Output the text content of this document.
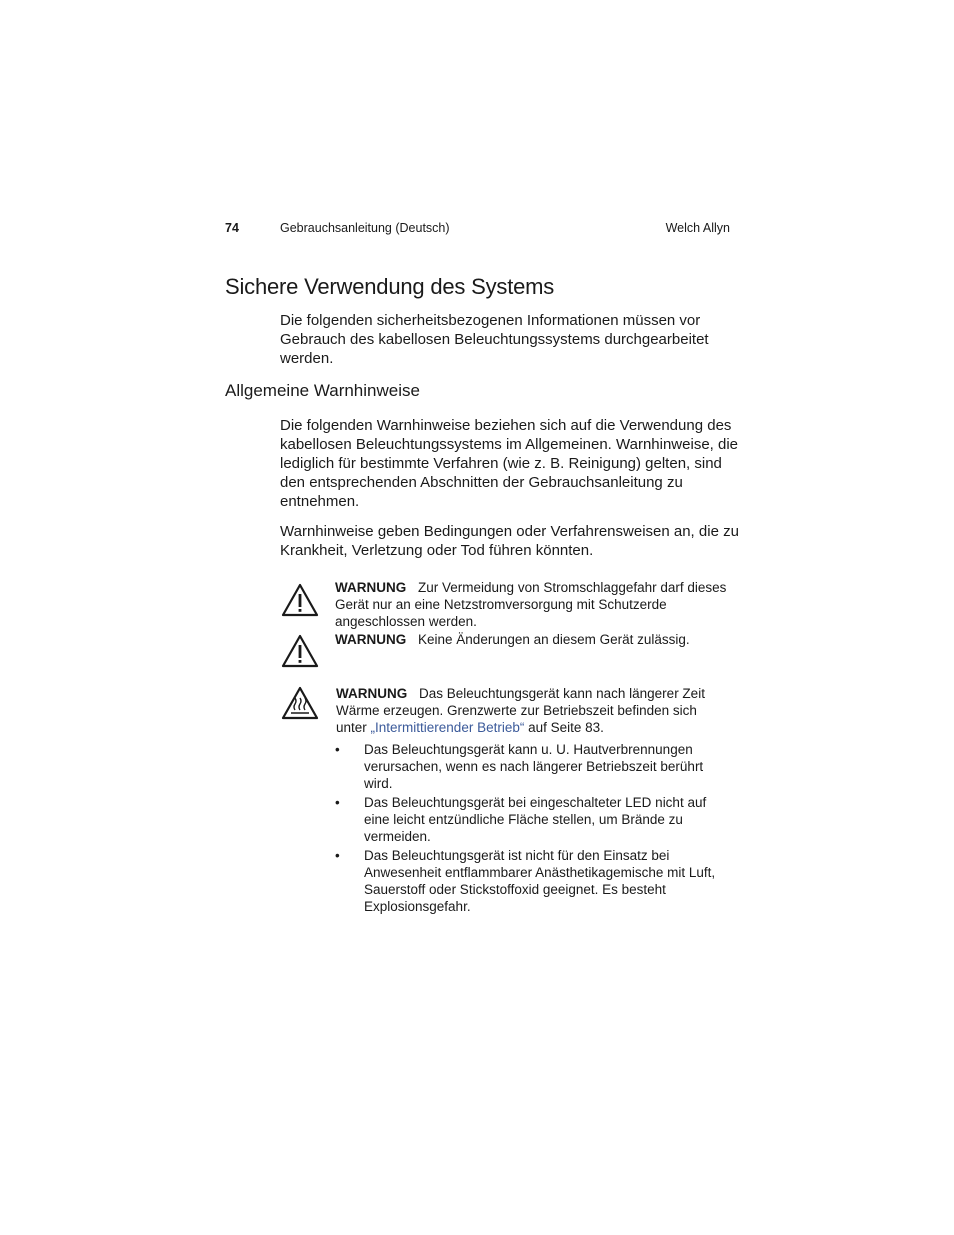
74	Gebrauchsanleitung (Deutsch)	Welch Allyn
Sichere Verwendung des Systems

Die folgenden sicherheitsbezogenen Informationen müssen vor Gebrauch des kabellosen Beleuchtungssystems durchgearbeitet werden.

Allgemeine Warnhinweise

Die folgenden Warnhinweise beziehen sich auf die Verwendung des kabellosen Beleuchtungssystems im Allgemeinen. Warnhinweise, die lediglich für bestimmte Verfahren (wie z. B. Reinigung) gelten, sind den entsprechenden Abschnitten der Gebrauchsanleitung zu entnehmen.

Warnhinweise geben Bedingungen oder Verfahrensweisen an, die zu Krankheit, Verletzung oder Tod führen könnten.

WARNUNG Zur Vermeidung von Stromschlaggefahr darf dieses Gerät nur an eine Netzstromversorgung mit Schutzerde angeschlossen werden.

WARNUNG Keine Änderungen an diesem Gerät zulässig.

WARNUNG Das Beleuchtungsgerät kann nach längerer Zeit Wärme erzeugen. Grenzwerte zur Betriebszeit befinden sich unter „Intermittierender Betrieb“ auf Seite 83.

• Das Beleuchtungsgerät kann u. U. Hautverbrennungen verursachen, wenn es nach längerer Betriebszeit berührt wird.
• Das Beleuchtungsgerät bei eingeschalteter LED nicht auf eine leicht entzündliche Fläche stellen, um Brände zu vermeiden.
• Das Beleuchtungsgerät ist nicht für den Einsatz bei Anwesenheit entflammbarer Anästhetikagemische mit Luft, Sauerstoff oder Stickstoffoxid geeignet. Es besteht Explosionsgefahr.
